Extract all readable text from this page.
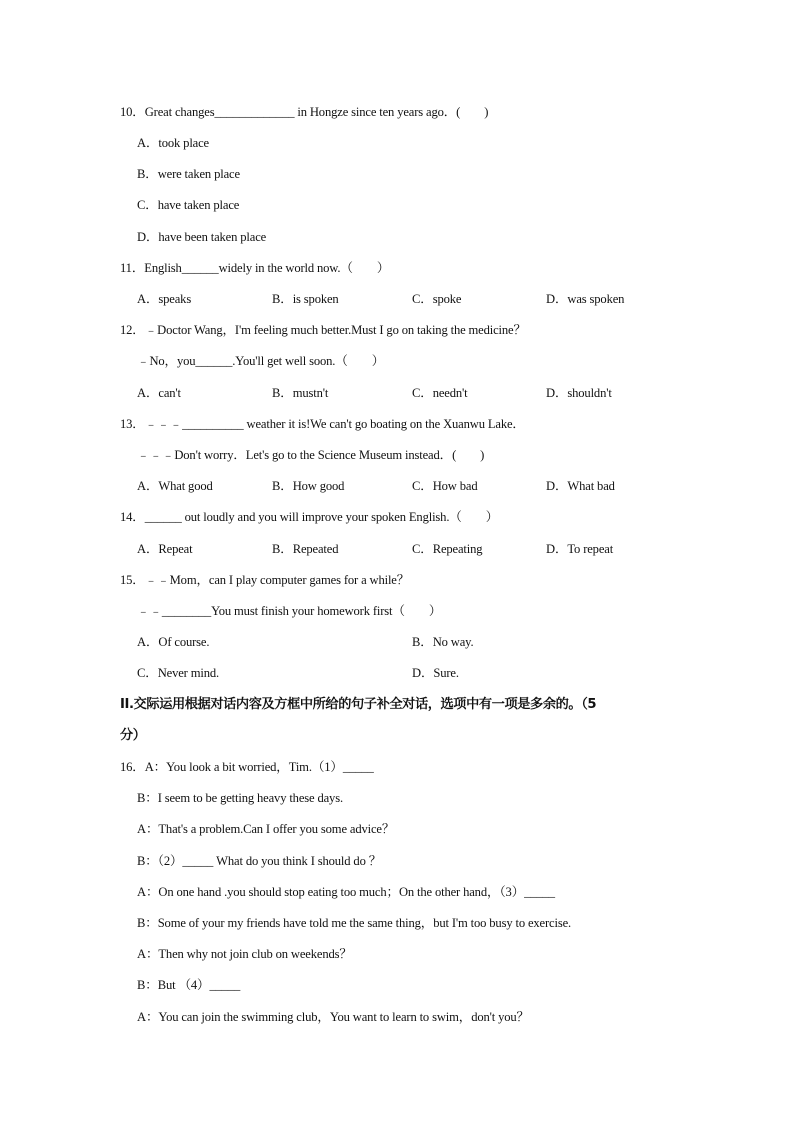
10．Great changes_____________ in Hongze since ten years ago．(        )
A．took place
B．were taken place
C．have taken place
D．have been taken place
11．English______widely in the world now.（        ）
A．speaks	B．is spoken	C．spoke	D．was spoken
12．﹣Doctor Wang，I'm feeling much better.Must I go on taking the medicine？
﹣No，you______.You'll get well soon.（        ）
A．can't	B．mustn't	C．needn't	D．shouldn't
13．﹣﹣﹣__________ weather it is!We can't go boating on the Xuanwu Lake．
﹣﹣﹣Don't worry．Let's go to the Science Museum instead．(        )
A．What good	B．How good	C．How bad	D．What bad
14．______ out loudly and you will improve your spoken English.（        ）
A．Repeat	B．Repeated	C．Repeating	D．To repeat
15．﹣﹣Mom，can I play computer games for a while？
﹣﹣________You must finish your homework first（        ）
A．Of course.	B．No way.
C．Never mind.	D．Sure.
II.交际运用根据对话内容及方框中所给的句子补全对话，选项中有一项是多余的。（5
分）
16．A：You look a bit worried，Tim.（1）_____
B：I seem to be getting heavy these days.
A：That's a problem.Can I offer you some advice？
B：（2）_____ What do you think I should do ？
A：On one hand .you should stop eating too much；On the other hand，（3）_____
B：Some of your my friends have told me the same thing，but I'm too busy to exercise.
A：Then why not join club on weekends？
B：But （4）_____
A：You can join the swimming club，You want to learn to swim，don't you？
